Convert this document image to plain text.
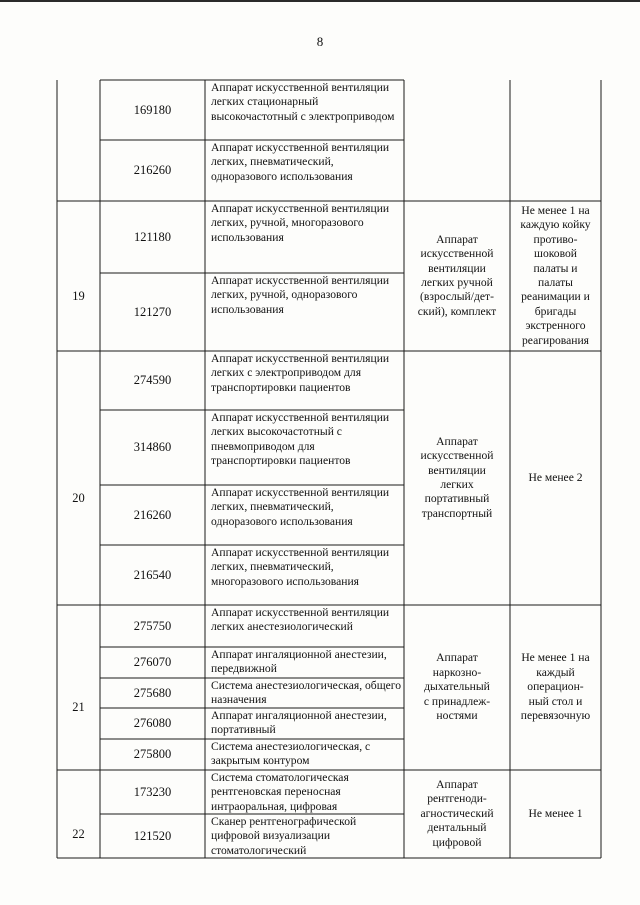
8
169180
Аппарат искусственной вентиляции легких стационарный высокочастотный с электроприводом
216260
Аппарат искусственной вентиляции легких, пневматический, одноразового использования
19
121180
Аппарат искусственной вентиляции легких, ручной, многоразового использования
121270
Аппарат искусственной вентиляции легких, ручной, одноразового использования
Аппарат
искусственной
вентиляции
легких ручной
(взрослый/дет-
ский), комплект
Не менее 1 на
каждую койку
противо-
шоковой
палаты и
палаты
реанимации и
бригады
экстренного
реагирования
20
274590
Аппарат искусственной вентиляции легких с электроприводом для транспортировки пациентов
314860
Аппарат искусственной вентиляции легких высокочастотный с пневмоприводом для транспортировки пациентов
216260
Аппарат искусственной вентиляции легких, пневматический, одноразового использования
216540
Аппарат искусственной вентиляции легких, пневматический, многоразового использования
Аппарат
искусственной
вентиляции
легких
портативный
транспортный
Не менее 2
21
275750
Аппарат искусственной вентиляции легких анестезиологический
276070
Аппарат ингаляционной анестезии, передвижной
275680
Система анестезиологическая, общего назначения
276080
Аппарат ингаляционной анестезии, портативный
275800
Система анестезиологическая, с закрытым контуром
Аппарат
наркозно-
дыхательный
с принадлеж-
ностями
Не менее 1 на
каждый
операцион-
ный стол и
перевязочную
22
173230
Система стоматологическая рентгеновская переносная интраоральная, цифровая
121520
Сканер рентгенографической цифровой визуализации стоматологический
Аппарат
рентгеноди-
агностический
дентальный
цифровой
Не менее 1
